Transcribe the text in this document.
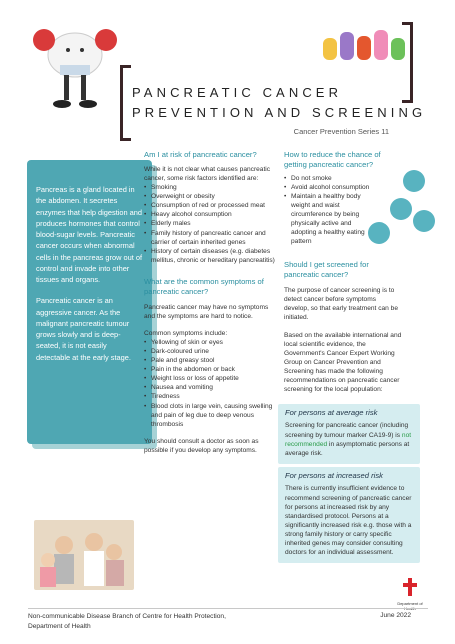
PANCREATIC CANCER
PREVENTION AND SCREENING
Cancer Prevention Series 11

Pancreas is a gland located in the abdomen. It secretes enzymes that help digestion and produces hormones that control blood-sugar levels. Pancreatic cancer occurs when abnormal cells in the pancreas grow out of control and invade into other tissues and organs.

Pancreatic cancer is an aggressive cancer. As the malignant pancreatic tumour grows slowly and is deep-seated, it is not easily detectable at the early stage.

Am I at risk of pancreatic cancer?

While it is not clear what causes pancreatic cancer, some risk factors identified are:

• Smoking
• Overweight or obesity
• Consumption of red or processed meat
• Heavy alcohol consumption
• Elderly males
• Family history of pancreatic cancer and carrier of certain inherited genes
• History of certain diseases (e.g. diabetes mellitus, chronic or hereditary pancreatitis)
What are the common symptoms of pancreatic cancer?

Pancreatic cancer may have no symptoms and the symptoms are hard to notice.

Common symptoms include:

• Yellowing of skin or eyes
• Dark-coloured urine
• Pale and greasy stool
• Pain in the abdomen or back
• Weight loss or loss of appetite
• Nausea and vomiting
• Tiredness
• Blood clots in large vein, causing swelling and pain of leg due to deep venous thrombosis

You should consult a doctor as soon as possible if you develop any symptoms.

How to reduce the chance of getting pancreatic cancer?
• Do not smoke
• Avoid alcohol consumption
• Maintain a healthy body weight and waist circumference by being physically active and adopting a healthy eating pattern
Should I get screened for pancreatic cancer?

The purpose of cancer screening is to detect cancer before symptoms develop, so that early treatment can be initiated.

Based on the available international and local scientific evidence, the Government's Cancer Expert Working Group on Cancer Prevention and Screening has made the following recommendations on pancreatic cancer screening for the local population:

For persons at average risk

Screening for pancreatic cancer (including screening by tumour marker CA19-9) is not recommended in asymptomatic persons at average risk.

For persons at increased risk

There is currently insufficient evidence to recommend screening of pancreatic cancer for persons at increased risk by any standardised protocol. Persons at a significantly increased risk e.g. those with a strong family history or carry specific inherited genes may consider consulting doctors for an individual assessment.

Department of
Non-communicable Disease Branch of Centre for Health Protection,
Department of Health
June 2022
